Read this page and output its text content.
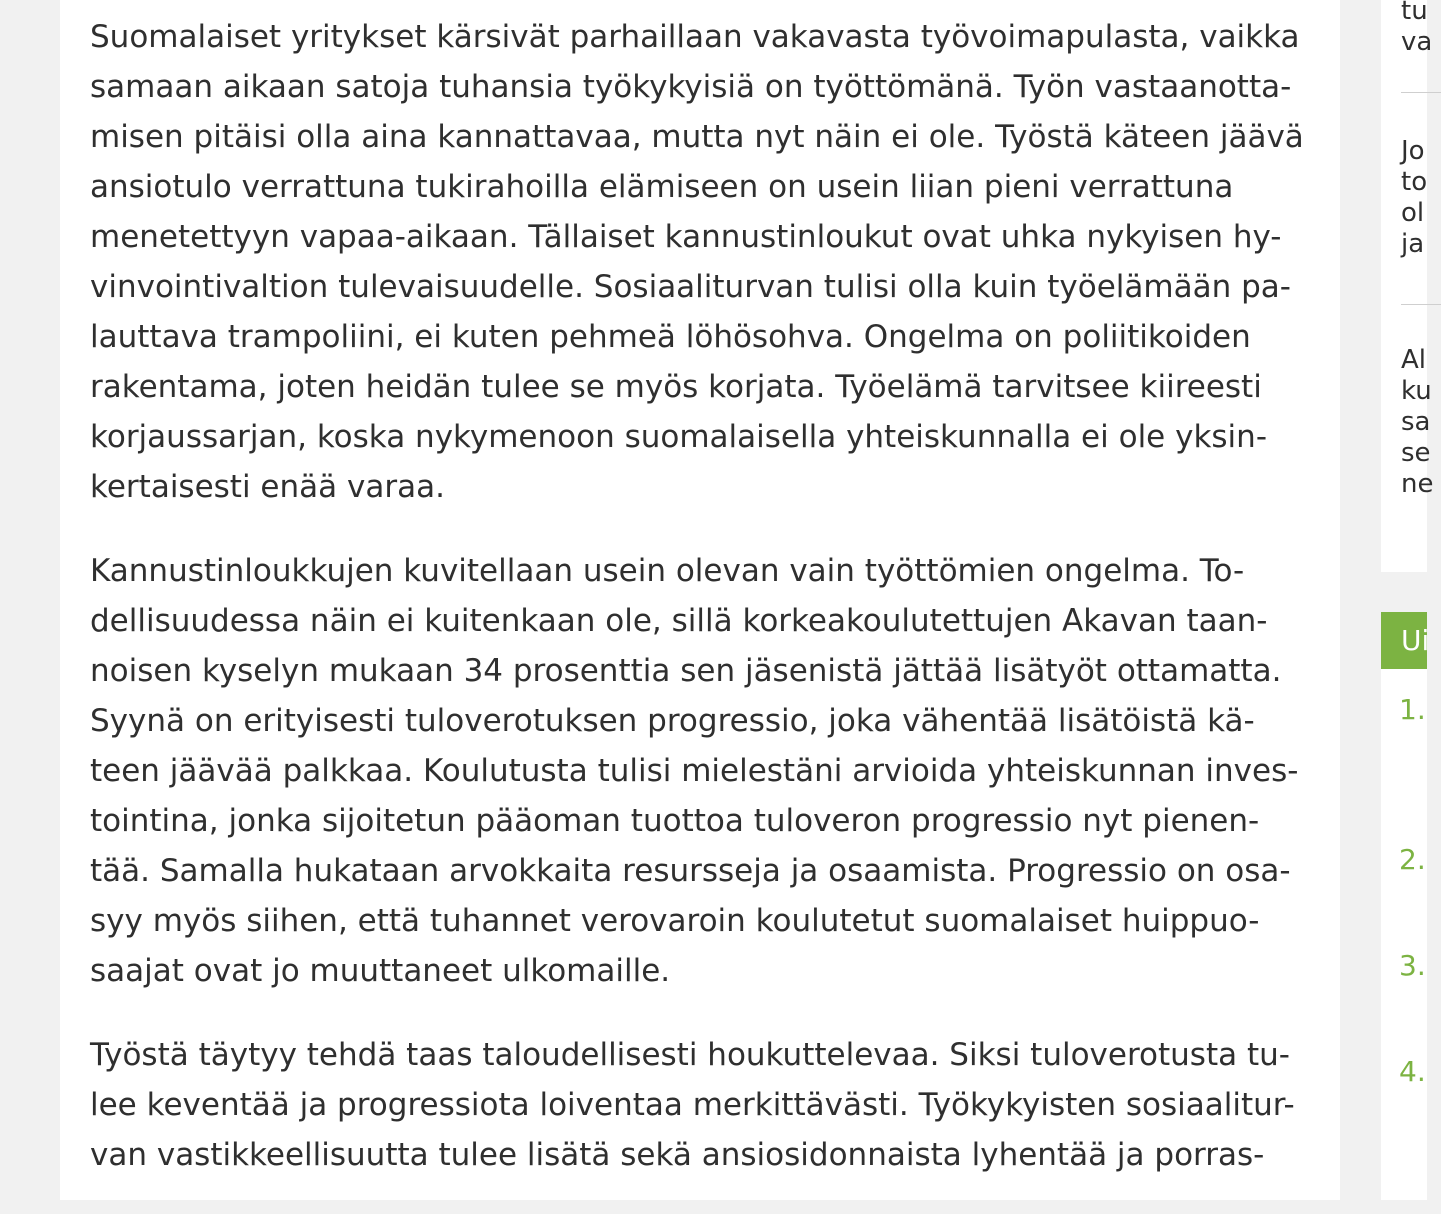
Suomalaiset yritykset kärsivät parhaillaan vakavasta työvoimapulasta, vaikka
samaan aikaan satoja tuhansia työkykyisiä on työttömänä. Työn vastaanotta-
misen pitäisi olla aina kannattavaa, mutta nyt näin ei ole. Työstä käteen jäävä
ansiotulo verrattuna tukirahoilla elämiseen on usein liian pieni verrattuna
menetettyyn vapaa-aikaan. Tällaiset kannustinloukut ovat uhka nykyisen hy-
vinvointivaltion tulevaisuudelle. Sosiaaliturvan tulisi olla kuin työelämään pa-
lauttava trampoliini, ei kuten pehmeä löhösohva. Ongelma on poliitikoiden
rakentama, joten heidän tulee se myös korjata. Työelämä tarvitsee kiireesti
korjaussarjan, koska nykymenoon suomalaisella yhteiskunnalla ei ole yksin-
kertaisesti enää varaa.

Kannustinloukkujen kuvitellaan usein olevan vain työttömien ongelma. To-
dellisuudessa näin ei kuitenkaan ole, sillä korkeakoulutettujen Akavan taan-
noisen kyselyn mukaan 34 prosenttia sen jäsenistä jättää lisätyöt ottamatta.
Syynä on erityisesti tuloverotuksen progressio, joka vähentää lisätöistä kä-
teen jäävää palkkaa. Koulutusta tulisi mielestäni arvioida yhteiskunnan inves-
tointina, jonka sijoitetun pääoman tuottoa tuloveron progressio nyt pienen-
tää. Samalla hukataan arvokkaita resursseja ja osaamista. Progressio on osa-
syy myös siihen, että tuhannet verovaroin koulutetut suomalaiset huippuo-
saajat ovat jo muuttaneet ulkomaille.

Työstä täytyy tehdä taas taloudellisesti houkuttelevaa. Siksi tuloverotusta tu-
lee keventää ja progressiota loiventaa merkittävästi. Työkykyisten sosiaalitur-
van vastikkeellisuutta tulee lisätä sekä ansiosidonnaista lyhentää ja porras-

tu
va
Jo
to
ol
ja
Al
ku
sa
se
ne
Ui
1.
2.
3.
4.
